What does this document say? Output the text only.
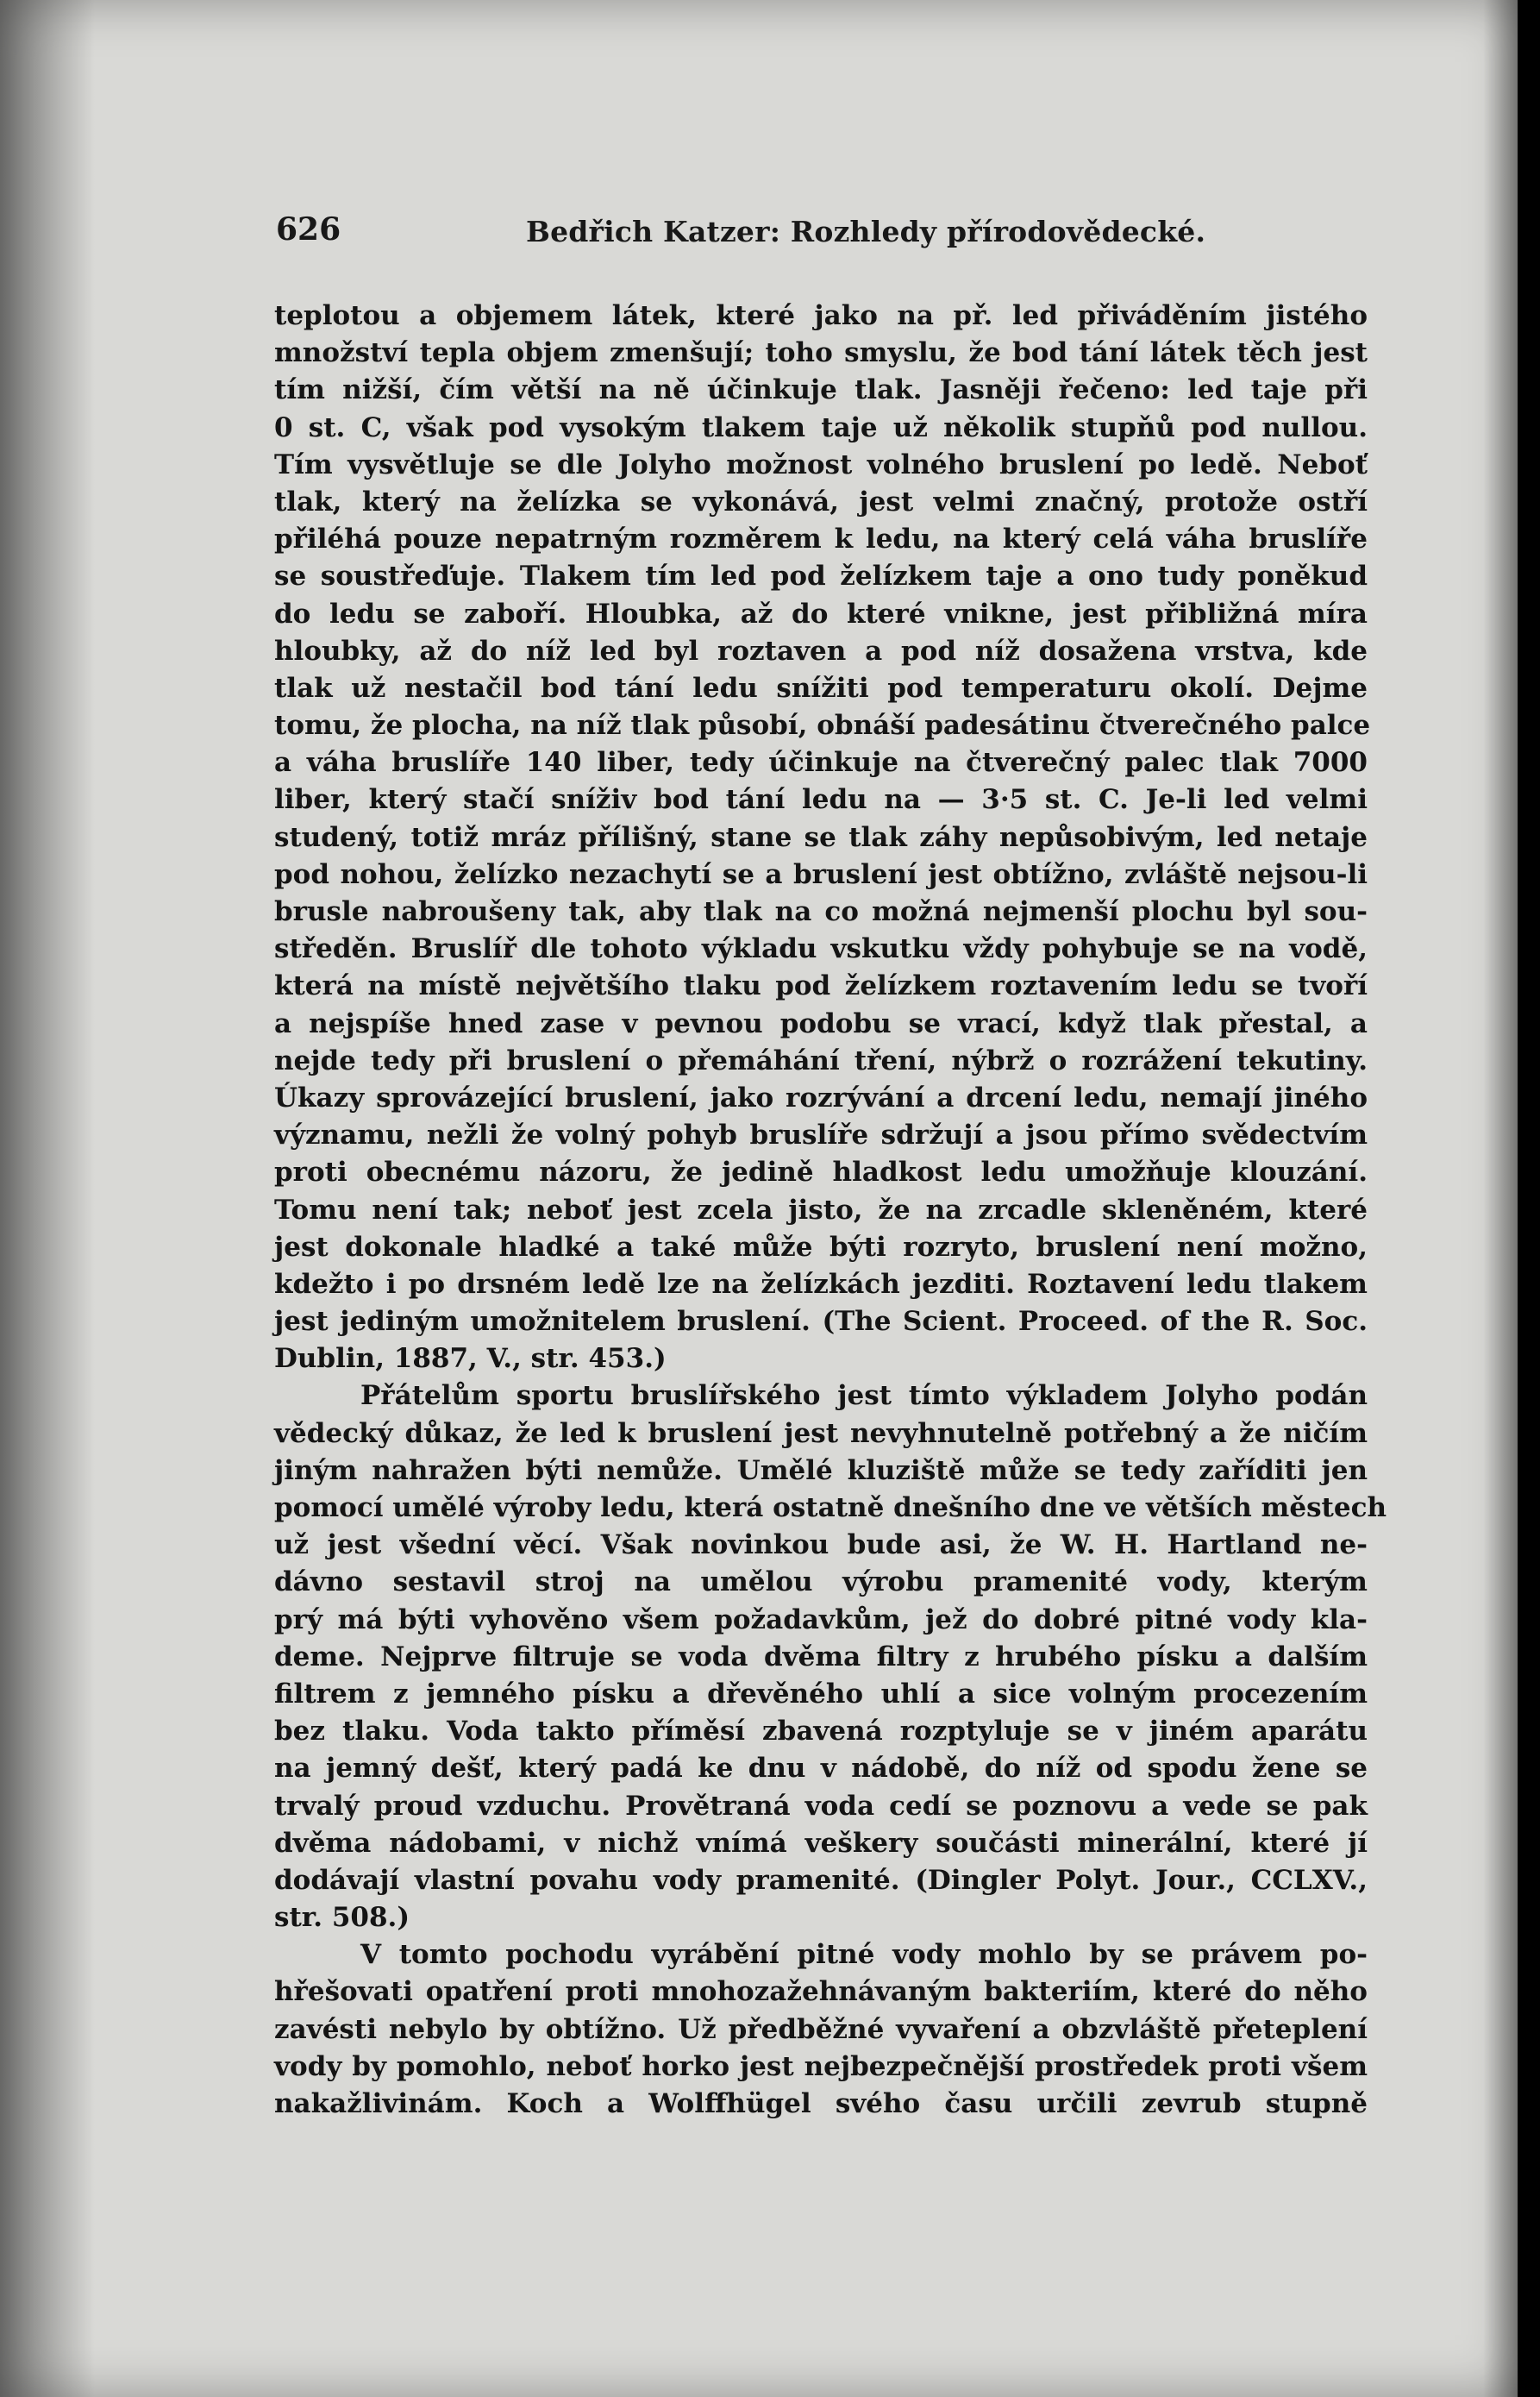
626	Bedřich Katzer: Rozhledy přírodovědecké.
teplotou a objemem látek, které jako na př. led přiváděním jistého
množství tepla objem zmenšují; toho smyslu, že bod tání látek těch jest
tím nižší, čím větší na ně účinkuje tlak. Jasněji řečeno: led taje při
0 st. C, však pod vysokým tlakem taje už několik stupňů pod nullou.
Tím vysvětluje se dle Jolyho možnost volného bruslení po ledě. Neboť
tlak, který na želízka se vykonává, jest velmi značný, protože ostří
přiléhá pouze nepatrným rozměrem k ledu, na který celá váha bruslíře
se soustřeďuje. Tlakem tím led pod želízkem taje a ono tudy poněkud
do ledu se zaboří. Hloubka, až do které vnikne, jest přibližná míra
hloubky, až do níž led byl roztaven a pod níž dosažena vrstva, kde
tlak už nestačil bod tání ledu snížiti pod temperaturu okolí. Dejme
tomu, že plocha, na níž tlak působí, obnáší padesátinu čtverečného palce
a váha bruslíře 140 liber, tedy účinkuje na čtverečný palec tlak 7000
liber, který stačí sníživ bod tání ledu na — 3·5 st. C. Je-li led velmi
studený, totiž mráz přílišný, stane se tlak záhy nepůsobivým, led netaje
pod nohou, želízko nezachytí se a bruslení jest obtížno, zvláště nejsou-li
brusle nabroušeny tak, aby tlak na co možná nejmenší plochu byl sou-
středěn. Bruslíř dle tohoto výkladu vskutku vždy pohybuje se na vodě,
která na místě největšího tlaku pod želízkem roztavením ledu se tvoří
a nejspíše hned zase v pevnou podobu se vrací, když tlak přestal, a
nejde tedy při bruslení o přemáhání tření, nýbrž o rozrážení tekutiny.
Úkazy sprovázející bruslení, jako rozrývání a drcení ledu, nemají jiného
významu, nežli že volný pohyb bruslíře sdržují a jsou přímo svědectvím
proti obecnému názoru, že jedině hladkost ledu umožňuje klouzání.
Tomu není tak; neboť jest zcela jisto, že na zrcadle skleněném, které
jest dokonale hladké a také může býti rozryto, bruslení není možno,
kdežto i po drsném ledě lze na želízkách jezditi. Roztavení ledu tlakem
jest jediným umožnitelem bruslení. (The Scient. Proceed. of the R. Soc.
Dublin, 1887, V., str. 453.)
Přátelům sportu bruslířského jest tímto výkladem Jolyho podán
vědecký důkaz, že led k bruslení jest nevyhnutelně potřebný a že ničím
jiným nahražen býti nemůže. Umělé kluziště může se tedy zaříditi jen
pomocí umělé výroby ledu, která ostatně dnešního dne ve větších městech
už jest všední věcí. Však novinkou bude asi, že W. H. Hartland ne-
dávno sestavil stroj na umělou výrobu pramenité vody, kterým
prý má býti vyhověno všem požadavkům, jež do dobré pitné vody kla-
deme. Nejprve filtruje se voda dvěma filtry z hrubého písku a dalším
filtrem z jemného písku a dřevěného uhlí a sice volným procezením
bez tlaku. Voda takto příměsí zbavená rozptyluje se v jiném aparátu
na jemný dešť, který padá ke dnu v nádobě, do níž od spodu žene se
trvalý proud vzduchu. Provětraná voda cedí se poznovu a vede se pak
dvěma nádobami, v nichž vnímá veškery součásti minerální, které jí
dodávají vlastní povahu vody pramenité. (Dingler Polyt. Jour., CCLXV.,
str. 508.)
V tomto pochodu vyrábění pitné vody mohlo by se právem po-
hřešovati opatření proti mnohozažehnávaným bakteriím, které do něho
zavésti nebylo by obtížno. Už předběžné vyvaření a obzvláště přeteplení
vody by pomohlo, neboť horko jest nejbezpečnější prostředek proti všem
nakažlivinám. Koch a Wolffhügel svého času určili zevrub stupně
